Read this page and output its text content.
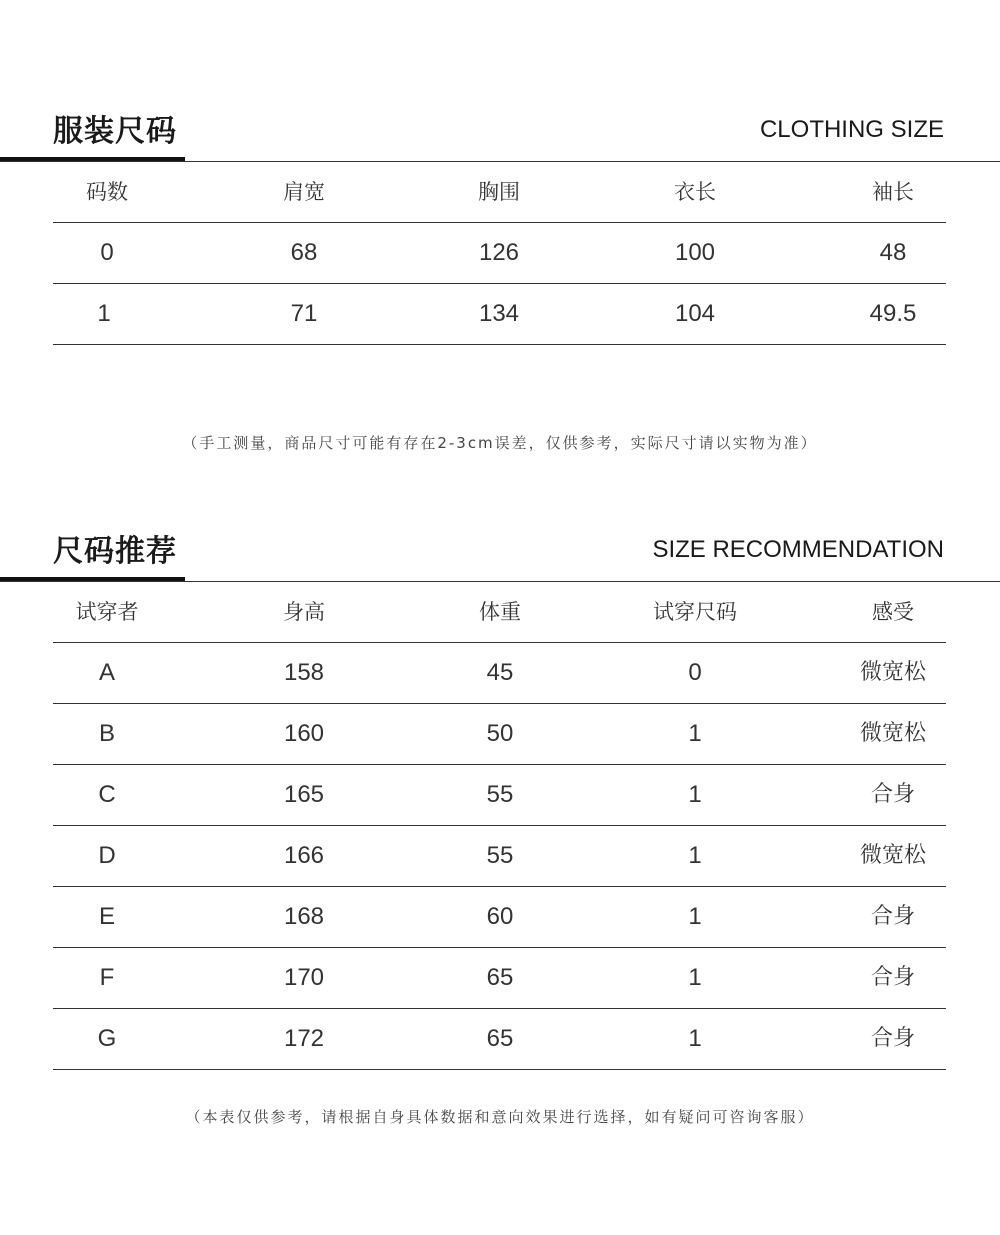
服装尺码	CLOTHING SIZE
码数	肩宽	胸围	衣长	袖长
0	68	126	100	48
1	71	134	104	49.5
（手工测量，商品尺寸可能有存在2-3cm误差，仅供参考，实际尺寸请以实物为准）
尺码推荐	SIZE RECOMMENDATION
试穿者	身高	体重	试穿尺码	感受
A	158	45	0	微宽松
B	160	50	1	微宽松
C	165	55	1	合身
D	166	55	1	微宽松
E	168	60	1	合身
F	170	65	1	合身
G	172	65	1	合身
（本表仅供参考，请根据自身具体数据和意向效果进行选择，如有疑问可咨询客服）
